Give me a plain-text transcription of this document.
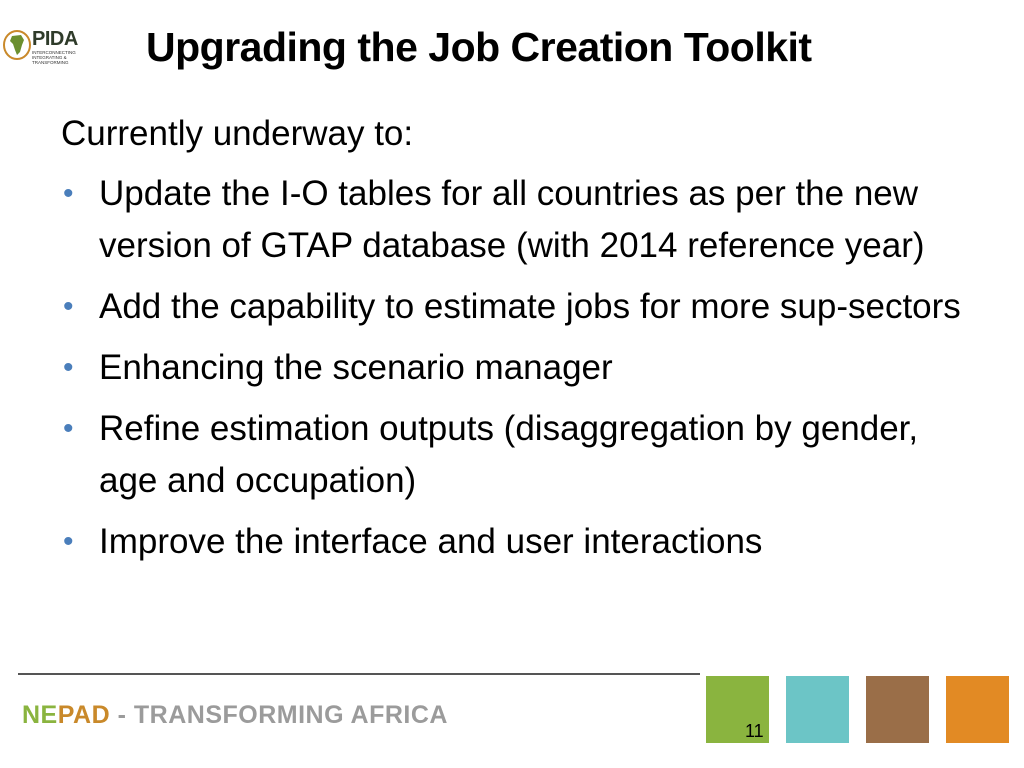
PIDA
INTERCONNECTING INTEGRATING & TRANSFORMING	Upgrading the Job Creation Toolkit

Currently underway to:

• Update the I-O tables for all countries as per the new version of GTAP database (with 2014 reference year)
• Add the capability to estimate jobs for more sup-sectors
• Enhancing the scenario manager
• Refine estimation outputs (disaggregation by gender, age and occupation)
• Improve the interface and user interactions
NEPAD - TRANSFORMING AFRICA
11
